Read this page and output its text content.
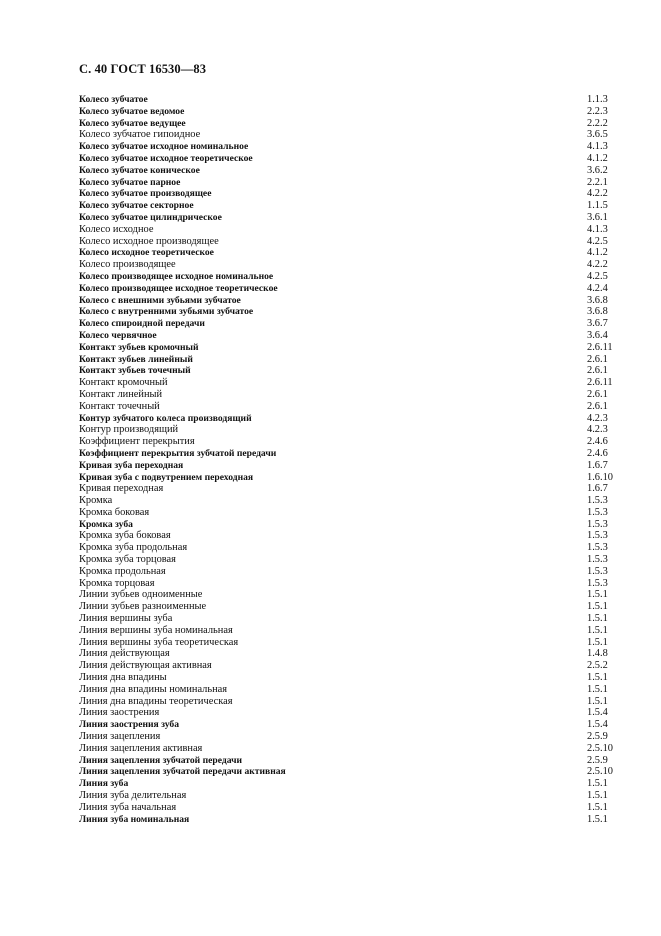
С. 40 ГОСТ 16530—83
Колесо зубчатое	1.1.3
Колесо зубчатое ведомое	2.2.3
Колесо зубчатое ведущее	2.2.2
Колесо зубчатое гипоидное	3.6.5
Колесо зубчатое исходное номинальное	4.1.3
Колесо зубчатое исходное теоретическое	4.1.2
Колесо зубчатое коническое	3.6.2
Колесо зубчатое парное	2.2.1
Колесо зубчатое производящее	4.2.2
Колесо зубчатое секторное	1.1.5
Колесо зубчатое цилиндрическое	3.6.1
Колесо исходное	4.1.3
Колесо исходное производящее	4.2.5
Колесо исходное теоретическое	4.1.2
Колесо производящее	4.2.2
Колесо производящее исходное номинальное	4.2.5
Колесо производящее исходное теоретическое	4.2.4
Колесо с внешними зубьями зубчатое	3.6.8
Колесо с внутренними зубьями зубчатое	3.6.8
Колесо спироидной передачи	3.6.7
Колесо червячное	3.6.4
Контакт зубьев кромочный	2.6.11
Контакт зубьев линейный	2.6.1
Контакт зубьев точечный	2.6.1
Контакт кромочный	2.6.11
Контакт линейный	2.6.1
Контакт точечный	2.6.1
Контур зубчатого колеса производящий	4.2.3
Контур производящий	4.2.3
Коэффициент перекрытия	2.4.6
Коэффициент перекрытия зубчатой передачи	2.4.6
Кривая зуба переходная	1.6.7
Кривая зуба с подвутрением переходная	1.6.10
Кривая переходная	1.6.7
Кромка	1.5.3
Кромка боковая	1.5.3
Кромка зуба	1.5.3
Кромка зуба боковая	1.5.3
Кромка зуба продольная	1.5.3
Кромка зуба торцовая	1.5.3
Кромка продольная	1.5.3
Кромка торцовая	1.5.3
Линии зубьев одноименные	1.5.1
Линии зубьев разноименные	1.5.1
Линия вершины зуба	1.5.1
Линия вершины зуба номинальная	1.5.1
Линия вершины зуба теоретическая	1.5.1
Линия действующая	1.4.8
Линия действующая активная	2.5.2
Линия дна впадины	1.5.1
Линия дна впадины номинальная	1.5.1
Линия дна впадины теоретическая	1.5.1
Линия заострения	1.5.4
Линия заострения зуба	1.5.4
Линия зацепления	2.5.9
Линия зацепления активная	2.5.10
Линия зацепления зубчатой передачи	2.5.9
Линия зацепления зубчатой передачи активная	2.5.10
Линия зуба	1.5.1
Линия зуба делительная	1.5.1
Линия зуба начальная	1.5.1
Линия зуба номинальная	1.5.1
